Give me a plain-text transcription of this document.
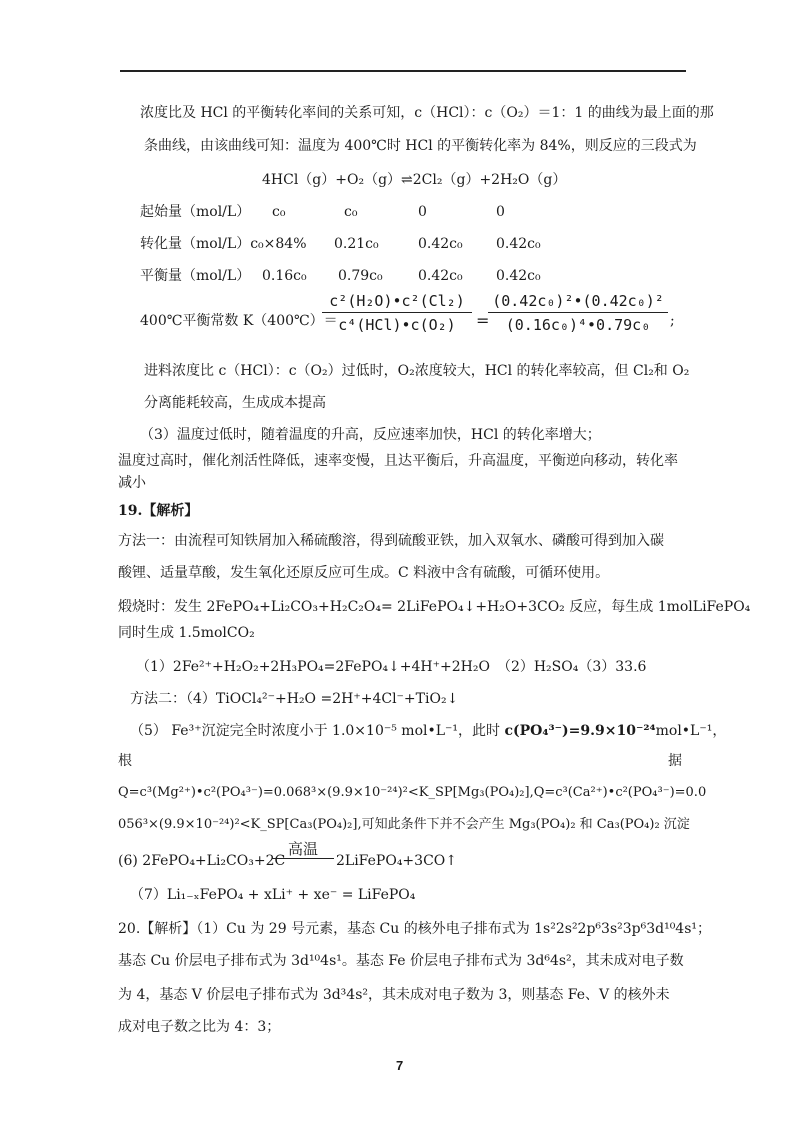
浓度比及 HCl 的平衡转化率间的关系可知，c（HCl）：c（O₂）＝1：1 的曲线为最上面的那
条曲线，由该曲线可知：温度为 400℃时 HCl 的平衡转化率为 84%，则反应的三段式为
4HCl（g）+O₂（g）⇌2Cl₂（g）+2H₂O（g）
起始量（mol/L） c₀	c₀	0	0
转化量（mol/L）c₀×84% 0.21c₀	0.42c₀ 0.42c₀
平衡量（mol/L） 0.16c₀ 0.79c₀	0.42c₀ 0.42c₀
400℃平衡常数 K（400℃）＝
c²(H₂O)•c²(Cl₂)
c⁴(HCl)•c(O₂)	=
$\frac{\text{(0.42c₀)²•(0.42c₀)²}}{\text{(0.16c₀)⁴•0.79c₀}}$ ;
进料浓度比 c（HCl）：c（O₂）过低时，O₂浓度较大，HCl 的转化率较高，但 Cl₂和 O₂
分离能耗较高，生成成本提高
（3）温度过低时，随着温度的升高，反应速率加快，HCl 的转化率增大；
温度过高时，催化剂活性降低，速率变慢，且达平衡后，升高温度，平衡逆向移动，转化率
减小
19.【解析】
方法一：由流程可知铁屑加入稀硫酸溶，得到硫酸亚铁，加入双氧水、磷酸可得到加入碳
酸锂、适量草酸，发生氧化还原反应可生成。C 料液中含有硫酸，可循环使用。
煅烧时：发生 2FePO₄+Li₂CO₃+H₂C₂O₄= 2LiFePO₄↓+H₂O+3CO₂ 反应，每生成 1molLiFePO₄
同时生成 1.5molCO₂
（1）2Fe²⁺+H₂O₂+2H₃PO₄=2FePO₄↓+4H⁺+2H₂O　（2）H₂SO₄（3）33.6
方法二：（4）TiOCl₄²⁻+H₂O =2H⁺+4Cl⁻+TiO₂↓
（5） Fe³⁺沉淀完全时浓度小于 1.0×10⁻⁵ mol•L⁻¹，此时 c(PO₄³⁻)=9.9×10⁻²⁴mol•L⁻¹，
根	据
Q=c³(Mg²⁺)•c²(PO₄³⁻)=0.068³×(9.9×10⁻²⁴)²<K_SP[Mg₃(PO₄)₂],Q=c³(Ca²⁺)•c²(PO₄³⁻)=0.0
056³×(9.9×10⁻²⁴)²<K_SP[Ca₃(PO₄)₂],可知此条件下并不会产生 Mg₃(PO₄)₂ 和 Ca₃(PO₄)₂ 沉淀
(6) 2FePO₄+Li₂CO₃+2C
高温
2LiFePO₄+3CO↑
（7）Li₁₋ₓFePO₄ + xLi⁺ + xe⁻ = LiFePO₄
20.【解析】（1）Cu 为 29 号元素，基态 Cu 的核外电子排布式为 1s²2s²2p⁶3s²3p⁶3d¹⁰4s¹；
基态 Cu 价层电子排布式为 3d¹⁰4s¹。基态 Fe 价层电子排布式为 3d⁶4s²，其未成对电子数
为 4，基态 V 价层电子排布式为 3d³4s²，其未成对电子数为 3，则基态 Fe、V 的核外未
成对电子数之比为 4：3；
7
